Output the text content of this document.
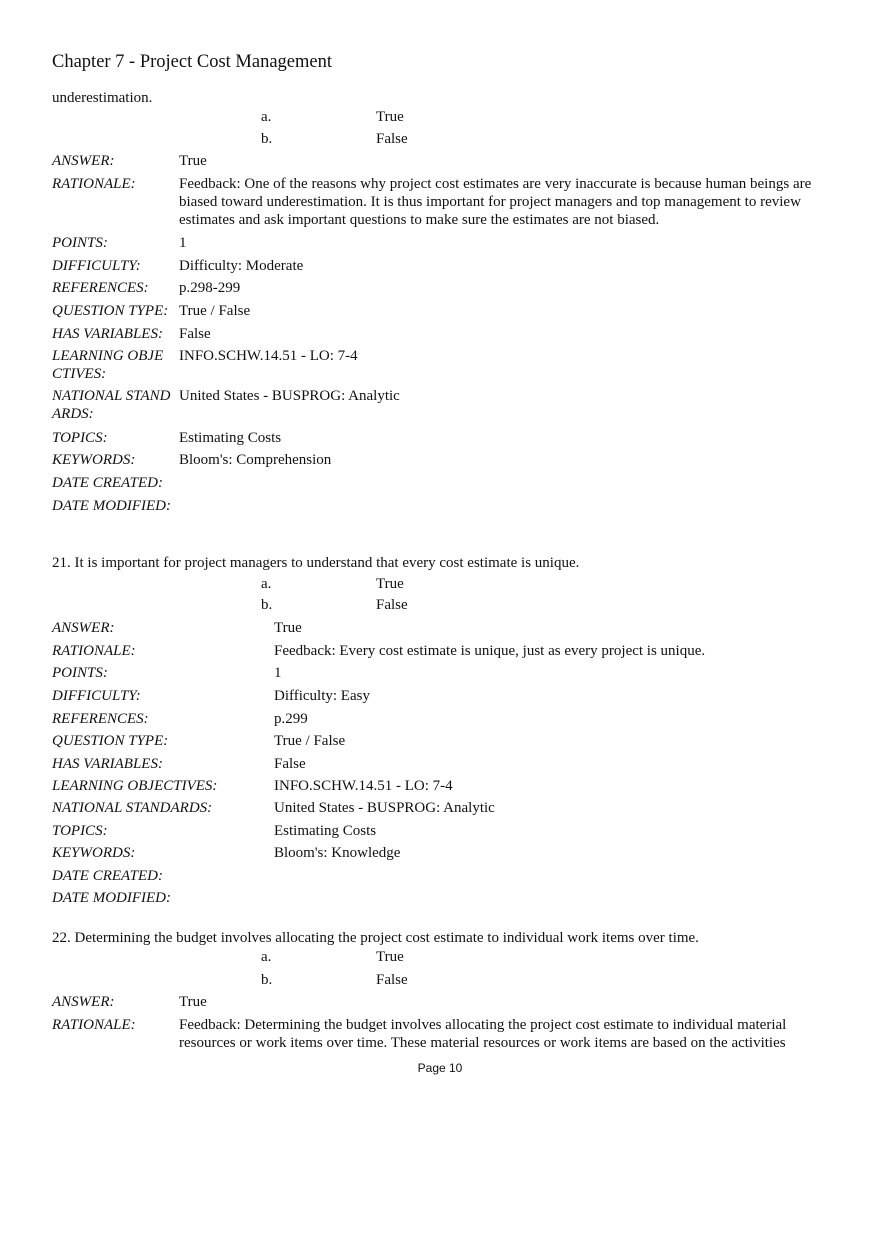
Chapter 7 - Project Cost Management
underestimation.
a.	True
b.	False
ANSWER:	True
RATIONALE:	Feedback: One of the reasons why project cost estimates are very inaccurate is because human beings are biased toward underestimation. It is thus important for project managers and top management to review estimates and ask important questions to make sure the estimates are not biased.
POINTS:	1
DIFFICULTY:	Difficulty: Moderate
REFERENCES: p.298-299
QUESTION TYPE: True / False
HAS VARIABLES: False
LEARNING OBJE
CTIVES:
INFO.SCHW.14.51 - LO: 7-4
NATIONAL STAND
ARDS:
United States - BUSPROG: Analytic
TOPICS:	Estimating Costs
KEYWORDS:	Bloom's: Comprehension
DATE CREATED:
DATE MODIFIED:
21. It is important for project managers to understand that every cost estimate is unique.
a.	True
b.	False
ANSWER:	True
RATIONALE:	Feedback: Every cost estimate is unique, just as every project is unique.
POINTS:	1
DIFFICULTY:	Difficulty: Easy
REFERENCES:	p.299
QUESTION TYPE:	True / False
HAS VARIABLES:	False
LEARNING OBJECTIVES:	INFO.SCHW.14.51 - LO: 7-4
NATIONAL STANDARDS:	United States - BUSPROG: Analytic
TOPICS:	Estimating Costs
KEYWORDS:	Bloom's: Knowledge
DATE CREATED:
DATE MODIFIED:
22. Determining the budget involves allocating the project cost estimate to individual work items over time.
a.	True
b.	False
ANSWER:	True
RATIONALE:	Feedback: Determining the budget involves allocating the project cost estimate to individual material resources or work items over time. These material resources or work items are based on the activities
Page 10
